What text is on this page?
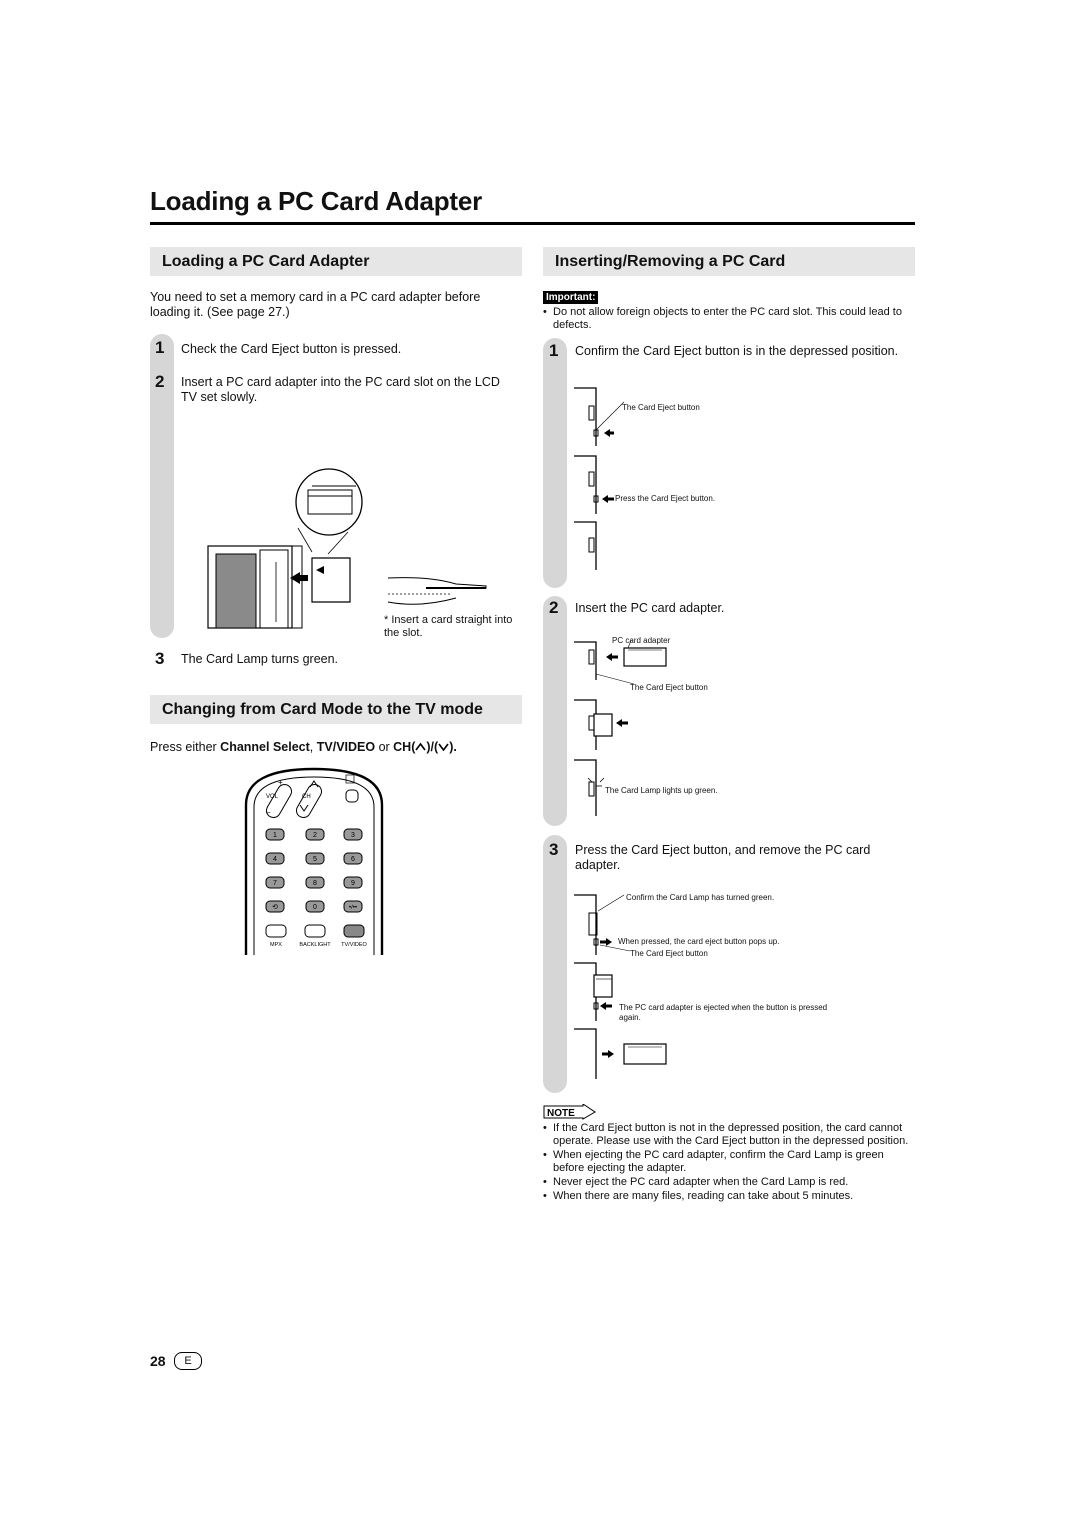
Loading a PC Card Adapter
Loading a PC Card Adapter
You need to set a memory card in a PC card adapter before loading it. (See page 27.)
1 Check the Card Eject button is pressed.
2 Insert a PC card adapter into the PC card slot on the LCD TV set slowly.
* Insert a card straight into the slot.
3 The Card Lamp turns green.
Changing from Card Mode to the TV mode
Press either Channel Select, TV/VIDEO or CH( )/( ).
+
VOL	CH
–
1	2	3
4	5	6
7	8	9
⟲	0	•/••
MPX	BACKLIGHT TV/VIDEO
Inserting/Removing a PC Card
Important:
• Do not allow foreign objects to enter the PC card slot. This could lead to defects.
1 Confirm the Card Eject button is in the depressed position.
The Card Eject button
Press the Card Eject button.
2 Insert the PC card adapter.
PC card adapter
The Card Eject button
The Card Lamp lights up green.
3 Press the Card Eject button, and remove the PC card adapter.
Confirm the Card Lamp has turned green.
When pressed, the card eject button pops up.
The Card Eject button
The PC card adapter is ejected when the button is pressed again.
NOTE
• If the Card Eject button is not in the depressed position, the card cannot operate. Please use with the Card Eject button in the depressed position.
• When ejecting the PC card adapter, confirm the Card Lamp is green before ejecting the adapter.
• Never eject the PC card adapter when the Card Lamp is red.
• When there are many files, reading can take about 5 minutes.
28	E
